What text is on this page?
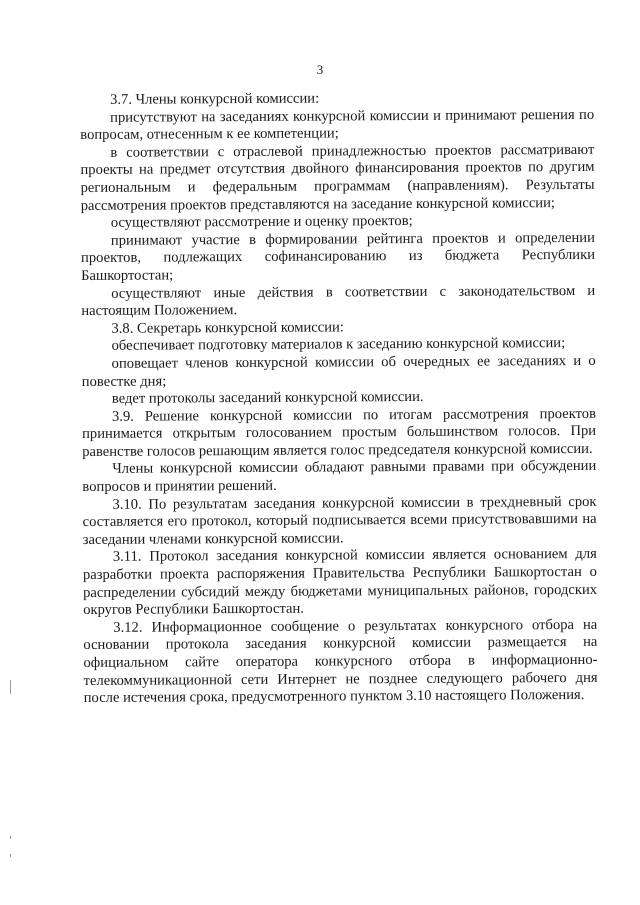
3

3.7. Члены конкурсной комиссии:

присутствуют на заседаниях конкурсной комиссии и принимают решения по вопросам, отнесенным к ее компетенции;

в соответствии с отраслевой принадлежностью проектов рассматривают проекты на предмет отсутствия двойного финансирования проектов по другим региональным и федеральным программам (направлениям). Результаты рассмотрения проектов представляются на заседание конкурсной комиссии;

осуществляют рассмотрение и оценку проектов;

принимают участие в формировании рейтинга проектов и определении проектов, подлежащих софинансированию из бюджета Республики Башкортостан;

осуществляют иные действия в соответствии с законодательством и настоящим Положением.

3.8. Секретарь конкурсной комиссии:

обеспечивает подготовку материалов к заседанию конкурсной комиссии;

оповещает членов конкурсной комиссии об очередных ее заседаниях и о повестке дня;

ведет протоколы заседаний конкурсной комиссии.

3.9. Решение конкурсной комиссии по итогам рассмотрения проектов принимается открытым голосованием простым большинством голосов. При равенстве голосов решающим является голос председателя конкурсной комиссии.

Члены конкурсной комиссии обладают равными правами при обсуждении вопросов и принятии решений.

3.10. По результатам заседания конкурсной комиссии в трехдневный срок составляется его протокол, который подписывается всеми присутствовавшими на заседании членами конкурсной комиссии.

3.11. Протокол заседания конкурсной комиссии является основанием для разработки проекта распоряжения Правительства Республики Башкортостан о распределении субсидий между бюджетами муниципальных районов, городских округов Республики Башкортостан.

3.12. Информационное сообщение о результатах конкурсного отбора на основании протокола заседания конкурсной комиссии размещается на официальном сайте оператора конкурсного отбора в информационно-телекоммуникационной сети Интернет не позднее следующего рабочего дня после истечения срока, предусмотренного пунктом 3.10 настоящего Положения.
